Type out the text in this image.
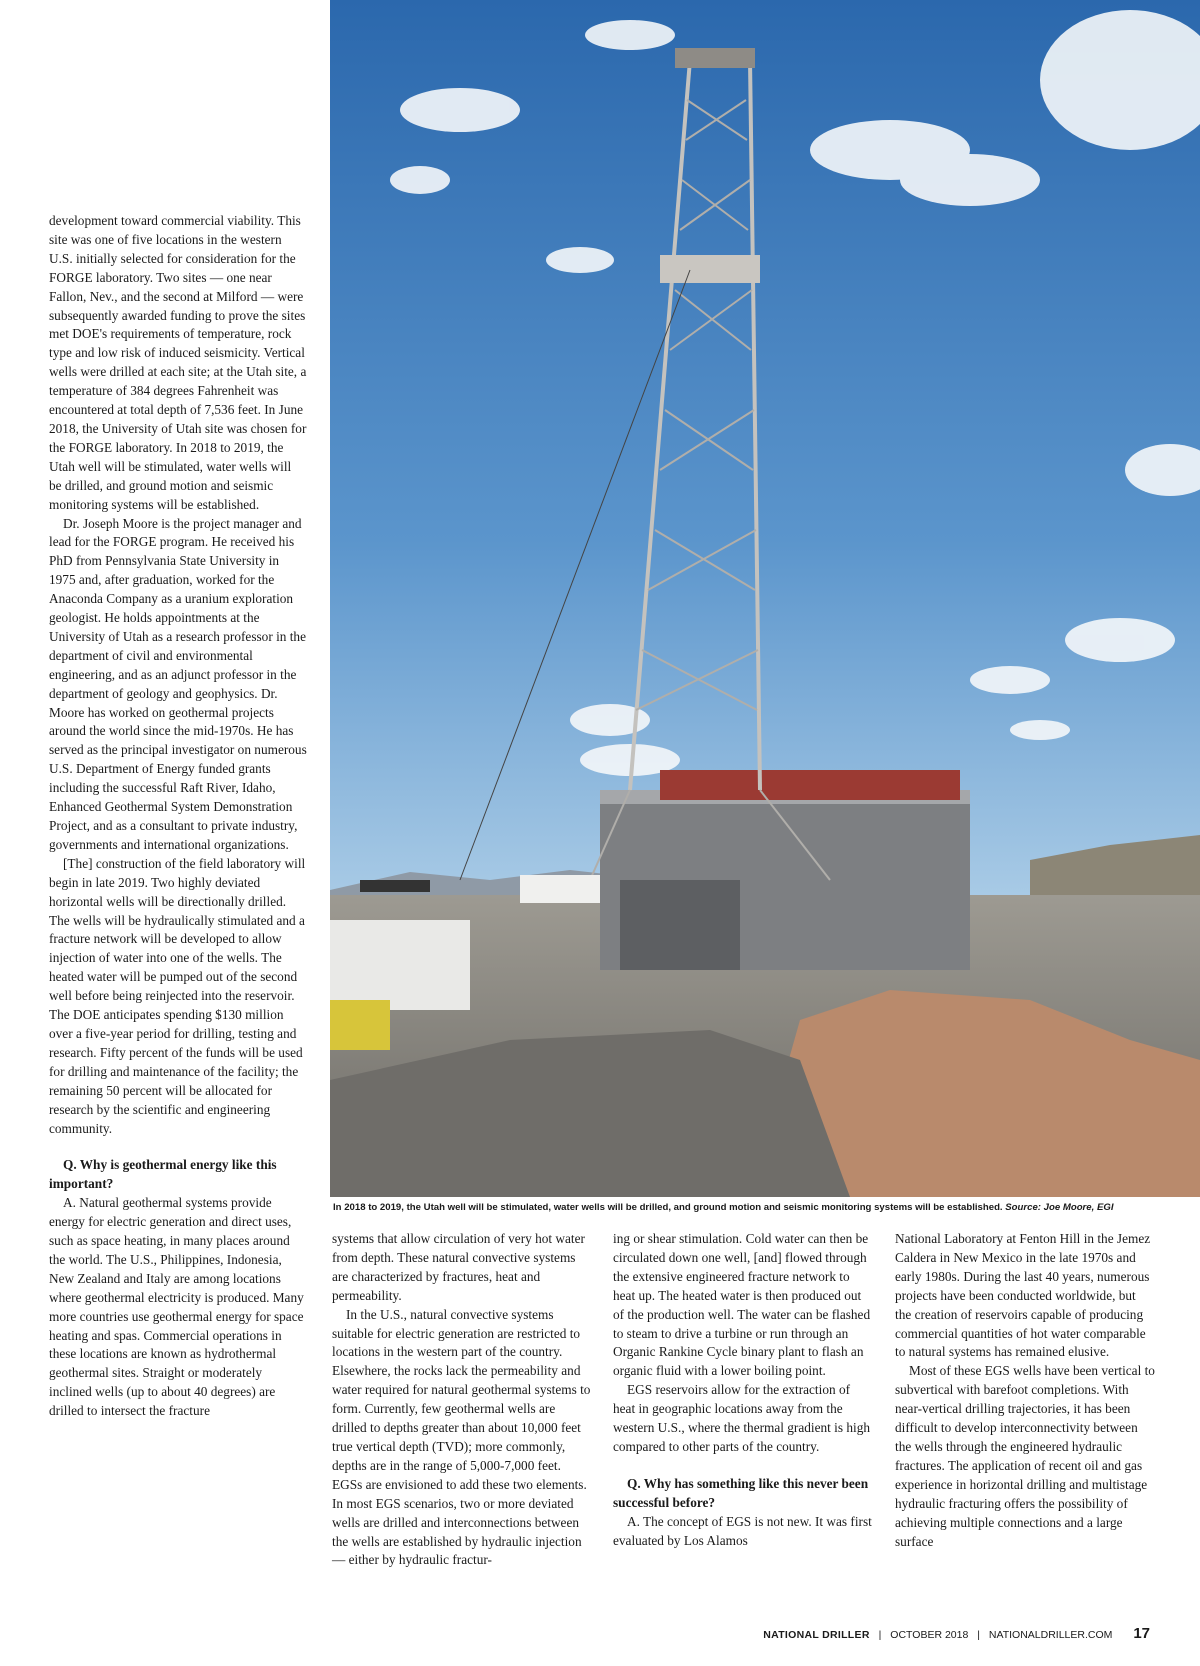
development toward commercial viability. This site was one of five locations in the western U.S. initially selected for consideration for the FORGE laboratory. Two sites — one near Fallon, Nev., and the second at Milford — were subsequently awarded funding to prove the sites met DOE's requirements of temperature, rock type and low risk of induced seismicity. Vertical wells were drilled at each site; at the Utah site, a temperature of 384 degrees Fahrenheit was encountered at total depth of 7,536 feet. In June 2018, the University of Utah site was chosen for the FORGE laboratory. In 2018 to 2019, the Utah well will be stimulated, water wells will be drilled, and ground motion and seismic monitoring systems will be established.

Dr. Joseph Moore is the project manager and lead for the FORGE program. He received his PhD from Pennsylvania State University in 1975 and, after graduation, worked for the Anaconda Company as a uranium exploration geologist. He holds appointments at the University of Utah as a research professor in the department of civil and environmental engineering, and as an adjunct professor in the department of geology and geophysics. Dr. Moore has worked on geothermal projects around the world since the mid-1970s. He has served as the principal investigator on numerous U.S. Department of Energy funded grants including the successful Raft River, Idaho, Enhanced Geothermal System Demonstration Project, and as a consultant to private industry, governments and international organizations.

[The] construction of the field laboratory will begin in late 2019. Two highly deviated horizontal wells will be directionally drilled. The wells will be hydraulically stimulated and a fracture network will be developed to allow injection of water into one of the wells. The heated water will be pumped out of the second well before being reinjected into the reservoir. The DOE anticipates spending $130 million over a five-year period for drilling, testing and research. Fifty percent of the funds will be used for drilling and maintenance of the facility; the remaining 50 percent will be allocated for research by the scientific and engineering community.

Q. Why is geothermal energy like this important?

A. Natural geothermal systems provide energy for electric generation and direct uses, such as space heating, in many places around the world. The U.S., Philippines, Indonesia, New Zealand and Italy are among locations where geothermal electricity is produced. Many more countries use geothermal energy for space heating and spas. Commercial operations in these locations are known as hydrothermal geothermal sites. Straight or moderately inclined wells (up to about 40 degrees) are drilled to intersect the fracture

In 2018 to 2019, the Utah well will be stimulated, water wells will be drilled, and ground motion and seismic monitoring systems will be established. Source: Joe Moore, EGI

systems that allow circulation of very hot water from depth. These natural convective systems are characterized by fractures, heat and permeability.

In the U.S., natural convective systems suitable for electric generation are restricted to locations in the western part of the country. Elsewhere, the rocks lack the permeability and water required for natural geothermal systems to form. Currently, few geothermal wells are drilled to depths greater than about 10,000 feet true vertical depth (TVD); more commonly, depths are in the range of 5,000-7,000 feet. EGSs are envisioned to add these two elements. In most EGS scenarios, two or more deviated wells are drilled and interconnections between the wells are established by hydraulic injection — either by hydraulic fractur-

ing or shear stimulation. Cold water can then be circulated down one well, [and] flowed through the extensive engineered fracture network to heat up. The heated water is then produced out of the production well. The water can be flashed to steam to drive a turbine or run through an Organic Rankine Cycle binary plant to flash an organic fluid with a lower boiling point.

EGS reservoirs allow for the extraction of heat in geographic locations away from the western U.S., where the thermal gradient is high compared to other parts of the country.

Q. Why has something like this never been successful before?

A. The concept of EGS is not new. It was first evaluated by Los Alamos

National Laboratory at Fenton Hill in the Jemez Caldera in New Mexico in the late 1970s and early 1980s. During the last 40 years, numerous projects have been conducted worldwide, but the creation of reservoirs capable of producing commercial quantities of hot water comparable to natural systems has remained elusive.

Most of these EGS wells have been vertical to subvertical with barefoot completions. With near-vertical drilling trajectories, it has been difficult to develop interconnectivity between the wells through the engineered hydraulic fractures. The application of recent oil and gas experience in horizontal drilling and multistage hydraulic fracturing offers the possibility of achieving multiple connections and a large surface

NATIONAL DRILLER | OCTOBER 2018 | NATIONALDRILLER.COM 17
